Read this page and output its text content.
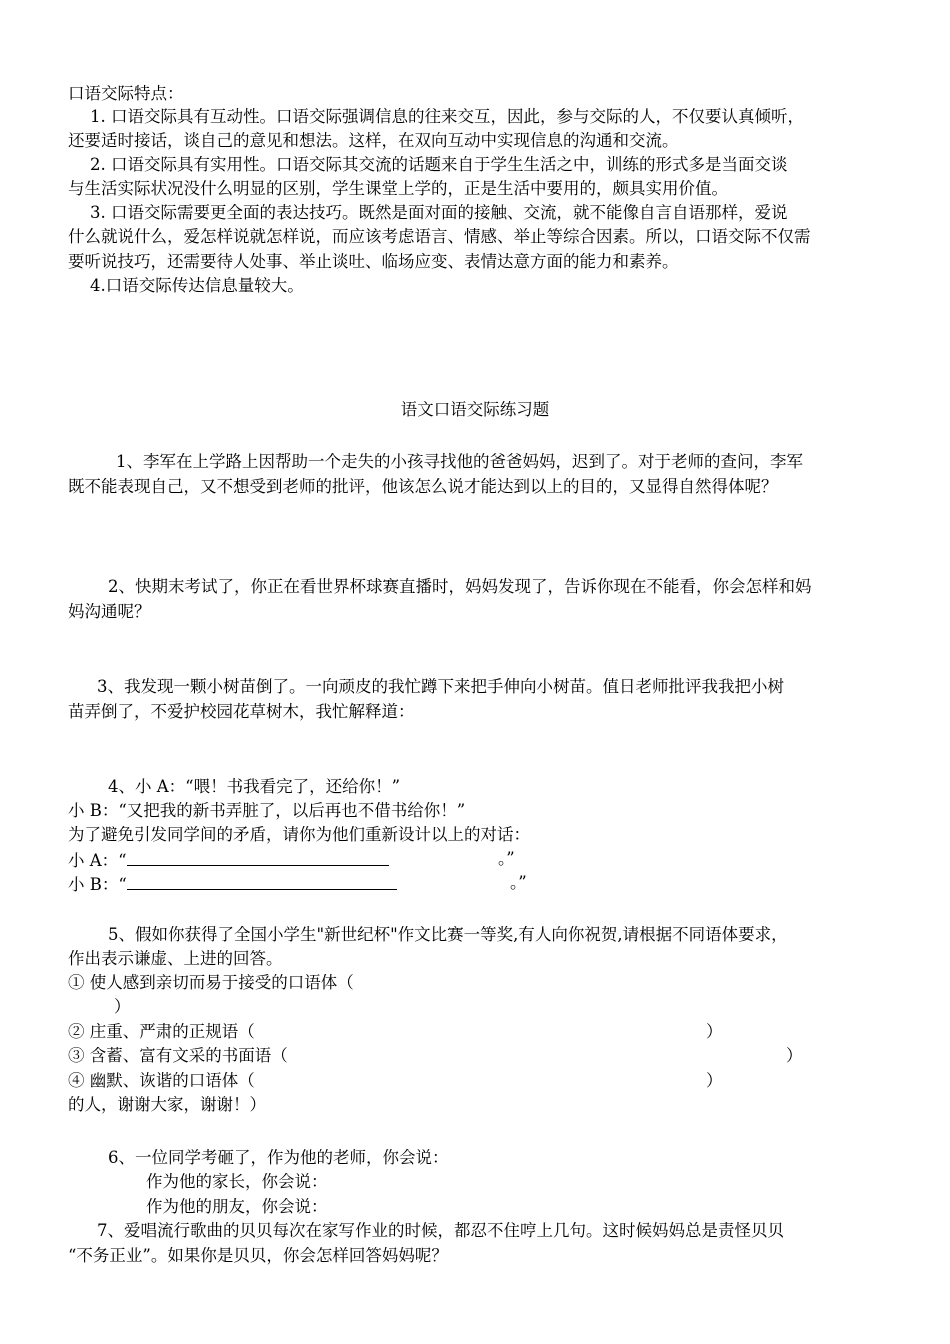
口语交际特点：
1. 口语交际具有互动性。口语交际强调信息的往来交互，因此，参与交际的人，不仅要认真倾听，
还要适时接话，谈自己的意见和想法。这样，在双向互动中实现信息的沟通和交流。
2. 口语交际具有实用性。口语交际其交流的话题来自于学生生活之中，训练的形式多是当面交谈
与生活实际状况没什么明显的区别，学生课堂上学的，正是生活中要用的，颇具实用价值。
3. 口语交际需要更全面的表达技巧。既然是面对面的接触、交流，就不能像自言自语那样，爱说
什么就说什么，爱怎样说就怎样说，而应该考虑语言、情感、举止等综合因素。所以，口语交际不仅需
要听说技巧，还需要待人处事、举止谈吐、临场应变、表情达意方面的能力和素养。
4.口语交际传达信息量较大。
语文口语交际练习题
1、李军在上学路上因帮助一个走失的小孩寻找他的爸爸妈妈，迟到了。对于老师的查问，李军
既不能表现自己，又不想受到老师的批评，他该怎么说才能达到以上的目的，又显得自然得体呢？
2、快期末考试了，你正在看世界杯球赛直播时，妈妈发现了，告诉你现在不能看，你会怎样和妈
妈沟通呢？
3、我发现一颗小树苗倒了。一向顽皮的我忙蹲下来把手伸向小树苗。值日老师批评我我把小树
苗弄倒了，不爱护校园花草树木，我忙解释道：
4、小 A：“喂！书我看完了，还给你！”
小 B：“又把我的新书弄脏了，以后再也不借书给你！”
为了避免引发同学间的矛盾，请你为他们重新设计以上的对话：
小 A：“	。”
小 B：“	。”
5、假如你获得了全国小学生"新世纪杯"作文比赛一等奖,有人向你祝贺,请根据不同语体要求，
作出表示谦虚、上进的回答。
① 使人感到亲切而易于接受的口语体（
）
② 庄重、严肃的正规语（	）
③ 含蓄、富有文采的书面语（	）
④ 幽默、诙谐的口语体（	）
的人，谢谢大家，谢谢！）
6、一位同学考砸了，作为他的老师，你会说：
作为他的家长，你会说：
作为他的朋友，你会说：
7、爱唱流行歌曲的贝贝每次在家写作业的时候，都忍不住哼上几句。这时候妈妈总是责怪贝贝
“不务正业”。如果你是贝贝，你会怎样回答妈妈呢？
